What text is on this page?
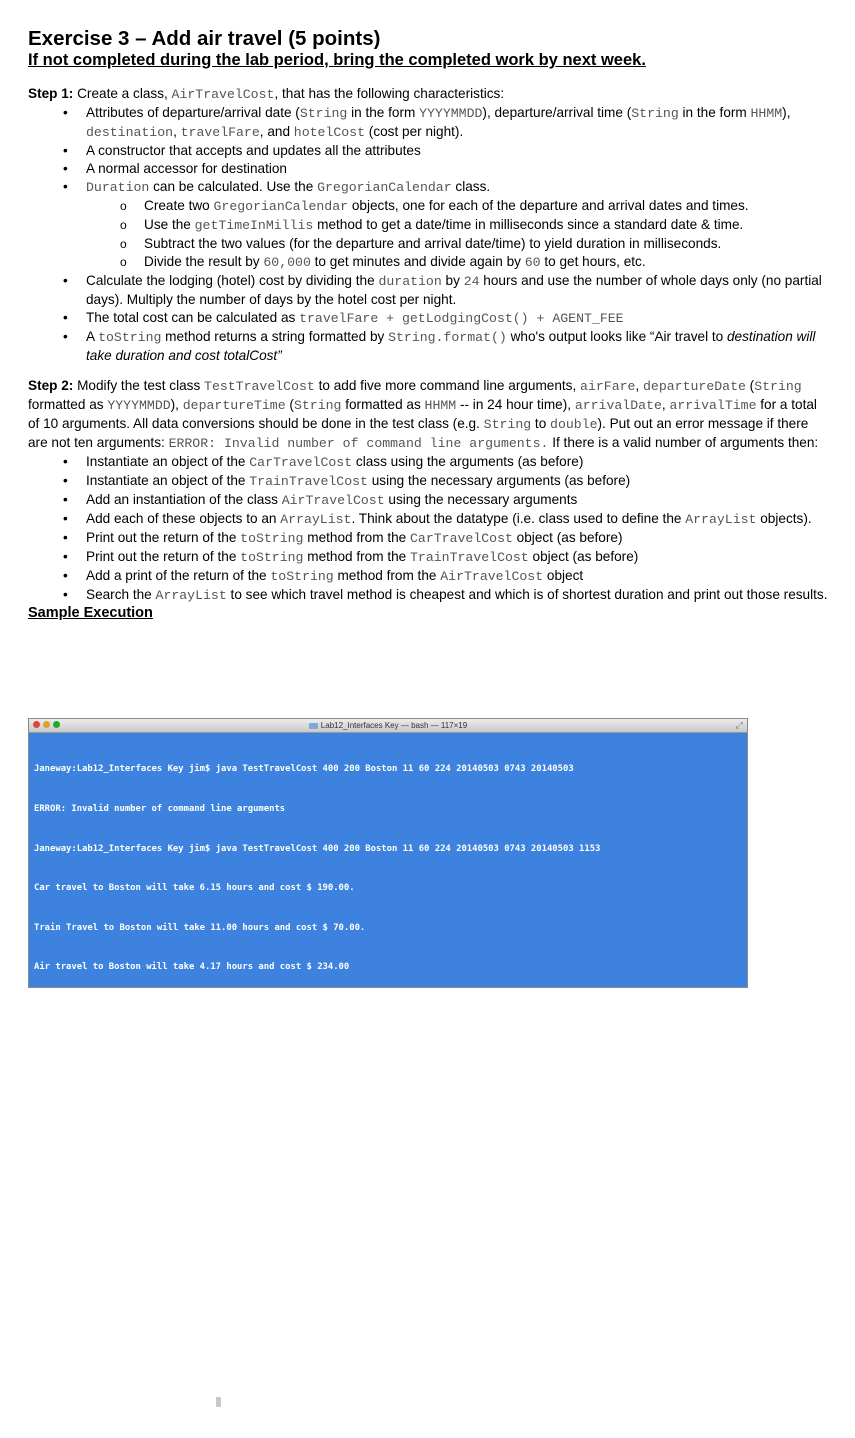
Exercise 3 – Add air travel (5 points)

If not completed during the lab period, bring the completed work by next week.

Step 1: Create a class, AirTravelCost, that has the following characteristics:

• Attributes of departure/arrival date (String in the form YYYYMMDD), departure/arrival time (String in the form HHMM), destination, travelFare, and hotelCost (cost per night).
• A constructor that accepts and updates all the attributes
• A normal accessor for destination
• Duration can be calculated. Use the GregorianCalendar class.
o Create two GregorianCalendar objects, one for each of the departure and arrival dates and times.
o Use the getTimeInMillis method to get a date/time in milliseconds since a standard date & time.
o Subtract the two values (for the departure and arrival date/time) to yield duration in milliseconds.
o Divide the result by 60,000 to get minutes and divide again by 60 to get hours, etc.
• Calculate the lodging (hotel) cost by dividing the duration by 24 hours and use the number of whole days only (no partial days). Multiply the number of days by the hotel cost per night.
• The total cost can be calculated as travelFare + getLodgingCost() + AGENT_FEE
• A toString method returns a string formatted by String.format() who's output looks like “Air travel to destination will take duration and cost totalCost”

Step 2: Modify the test class TestTravelCost to add five more command line arguments, airFare, departureDate (String formatted as YYYYMMDD), departureTime (String formatted as HHMM -- in 24 hour time), arrivalDate, arrivalTime for a total of 10 arguments. All data conversions should be done in the test class (e.g. String to double). Put out an error message if there are not ten arguments: ERROR: Invalid number of command line arguments. If there is a valid number of arguments then:

• Instantiate an object of the CarTravelCost class using the arguments (as before)
• Instantiate an object of the TrainTravelCost using the necessary arguments (as before)
• Add an instantiation of the class AirTravelCost using the necessary arguments
• Add each of these objects to an ArrayList. Think about the datatype (i.e. class used to define the ArrayList objects).
• Print out the return of the toString method from the CarTravelCost object (as before)
• Print out the return of the toString method from the TrainTravelCost object (as before)
• Add a print of the return of the toString method from the AirTravelCost object
• Search the ArrayList to see which travel method is cheapest and which is of shortest duration and print out those results.

Sample Execution

Lab12_Interfaces Key — bash — 117×19	⤢

Janeway:Lab12_Interfaces Key jim$ java TestTravelCost 400 200 Boston 11 60 224 20140503 0743 20140503

ERROR: Invalid number of command line arguments

Janeway:Lab12_Interfaces Key jim$ java TestTravelCost 400 200 Boston 11 60 224 20140503 0743 20140503 1153

Car travel to Boston will take 6.15 hours and cost $ 190.00.

Train Travel to Boston will take 11.00 hours and cost $ 70.00.

Air travel to Boston will take 4.17 hours and cost $ 234.00

LOWEST COST: Train Travel to Boston will take 11.00 hours and cost $ 70.00.

Janeway:Lab12_Interfaces Key jim$ java TestTravelCost 2611 200 "Los Angeles" 60 225 400 20140503 1540 20140504 0028

Car travel to Los Angeles will take 40.17 hours and cost $ 2184.95.

Train Travel to Los Angeles will take 60.00 hours and cost $ 235.00.

Air travel to Los Angeles will take 8.80 hours and cost $ 410.00

LOWEST COST: Train Travel to Los Angeles will take 60.00 hours and cost $ 235.00.

SHORTEST DURATION: Air travel to Los Angeles will take 8.80 hours and cost $ 410.00

Janeway:Lab12_Interfaces Key jim$
